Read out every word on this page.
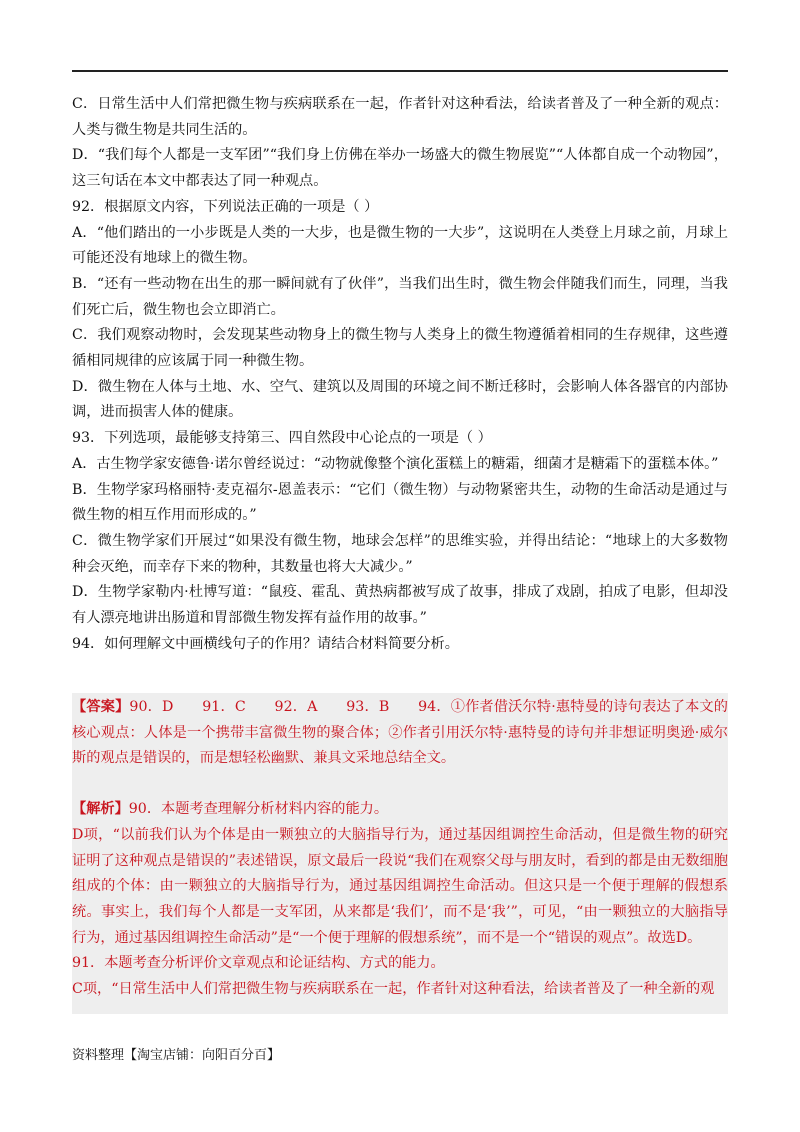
C．日常生活中人们常把微生物与疾病联系在一起，作者针对这种看法，给读者普及了一种全新的观点：人类与微生物是共同生活的。

D．“我们每个人都是一支军团”“我们身上仿佛在举办一场盛大的微生物展览”“人体都自成一个动物园”，这三句话在本文中都表达了同一种观点。

92．根据原文内容，下列说法正确的一项是（ ）

A．“他们踏出的一小步既是人类的一大步，也是微生物的一大步”，这说明在人类登上月球之前，月球上可能还没有地球上的微生物。

B．“还有一些动物在出生的那一瞬间就有了伙伴”，当我们出生时，微生物会伴随我们而生，同理，当我们死亡后，微生物也会立即消亡。

C．我们观察动物时，会发现某些动物身上的微生物与人类身上的微生物遵循着相同的生存规律，这些遵循相同规律的应该属于同一种微生物。

D．微生物在人体与土地、水、空气、建筑以及周围的环境之间不断迁移时，会影响人体各器官的内部协调，进而损害人体的健康。

93．下列选项，最能够支持第三、四自然段中心论点的一项是（ ）

A．古生物学家安德鲁·诺尔曾经说过：“动物就像整个演化蛋糕上的糖霜，细菌才是糖霜下的蛋糕本体。”

B．生物学家玛格丽特·麦克福尔-恩盖表示：“它们（微生物）与动物紧密共生，动物的生命活动是通过与微生物的相互作用而形成的。”

C．微生物学家们开展过“如果没有微生物，地球会怎样”的思维实验，并得出结论：“地球上的大多数物种会灭绝，而幸存下来的物种，其数量也将大大减少。”

D．生物学家勒内·杜博写道：“鼠疫、霍乱、黄热病都被写成了故事，排成了戏剧，拍成了电影，但却没有人漂亮地讲出肠道和胃部微生物发挥有益作用的故事。”

94．如何理解文中画横线句子的作用？请结合材料简要分析。

【答案】90．D　　91．C　　92．A　　93．B　　94．①作者借沃尔特·惠特曼的诗句表达了本文的核心观点：人体是一个携带丰富微生物的聚合体；②作者引用沃尔特·惠特曼的诗句并非想证明奥逊·威尔斯的观点是错误的，而是想轻松幽默、兼具文采地总结全文。

【解析】90．本题考查理解分析材料内容的能力。

D项，“以前我们认为个体是由一颗独立的大脑指导行为，通过基因组调控生命活动，但是微生物的研究证明了这种观点是错误的”表述错误，原文最后一段说“我们在观察父母与朋友时，看到的都是由无数细胞组成的个体：由一颗独立的大脑指导行为，通过基因组调控生命活动。但这只是一个便于理解的假想系统。事实上，我们每个人都是一支军团，从来都是‘我们’，而不是‘我’”，可见，“由一颗独立的大脑指导行为，通过基因组调控生命活动”是“一个便于理解的假想系统”，而不是一个“错误的观点”。故选D。

91．本题考查分析评价文章观点和论证结构、方式的能力。

C项，“日常生活中人们常把微生物与疾病联系在一起，作者针对这种看法，给读者普及了一种全新的观

资料整理【淘宝店铺：向阳百分百】
